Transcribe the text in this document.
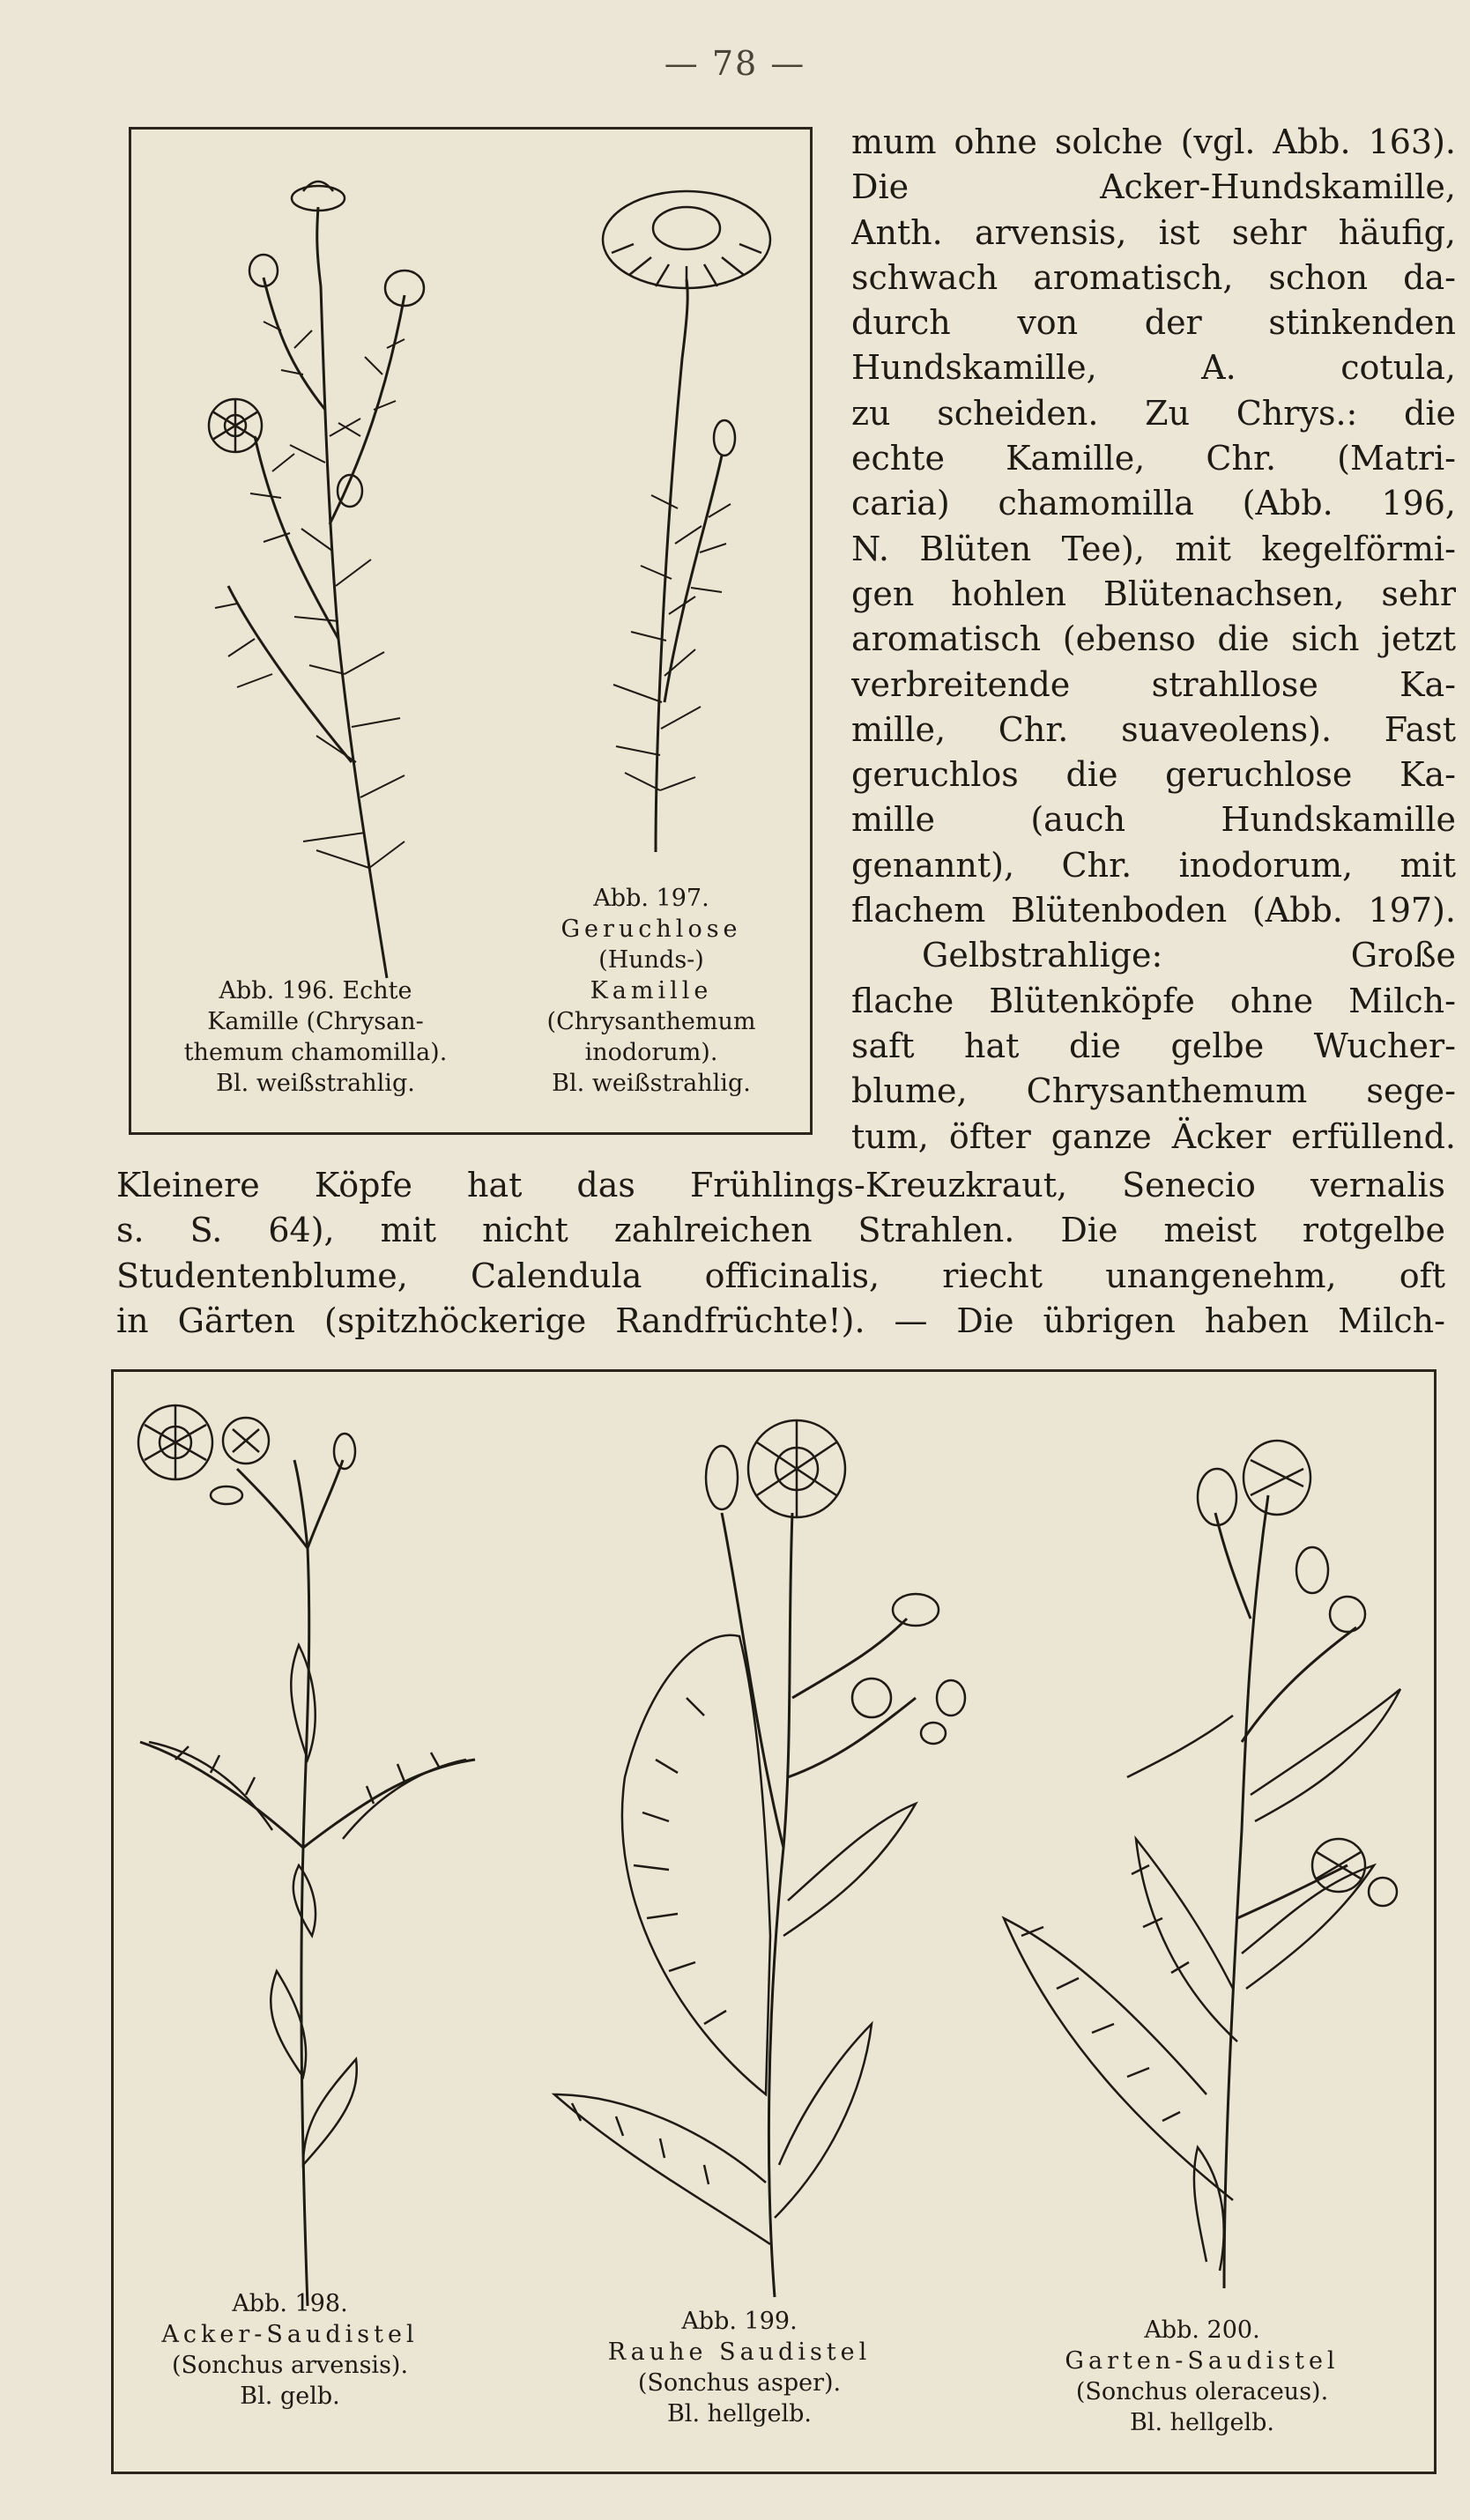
— 78 —
Abb. 196. Echte
Kamille (Chrysan-
themum chamomilla).
Bl. weißstrahlig.
Abb. 197.
Geruchlose
(Hunds-)
Kamille
(Chrysanthemum
inodorum).
Bl. weißstrahlig.
mum ohne solche (vgl. Abb. 163).
Die Acker-Hundskamille,
Anth. arvensis, ist sehr häufig,
schwach aromatisch, schon da-
durch von der stinkenden
Hundskamille, A. cotula,
zu scheiden. Zu Chrys.: die
echte Kamille, Chr. (Matri-
caria) chamomilla (Abb. 196,
N. Blüten Tee), mit kegelförmi-
gen hohlen Blütenachsen, sehr
aromatisch (ebenso die sich jetzt
verbreitende strahllose Ka-
mille, Chr. suaveolens). Fast
geruchlos die geruchlose Ka-
mille (auch Hundskamille
genannt), Chr. inodorum, mit
flachem Blütenboden (Abb. 197).
Gelbstrahlige: Große
flache Blütenköpfe ohne Milch-
saft hat die gelbe Wucher-
blume, Chrysanthemum sege-
tum, öfter ganze Äcker erfüllend.
Kleinere Köpfe hat das Frühlings-Kreuzkraut, Senecio vernalis
s. S. 64), mit nicht zahlreichen Strahlen. Die meist rotgelbe
Studentenblume, Calendula officinalis, riecht unangenehm, oft
in Gärten (spitzhöckerige Randfrüchte!). — Die übrigen haben Milch-
Abb. 198.
Acker-Saudistel
(Sonchus arvensis).
Bl. gelb.
Abb. 199.
Rauhe Saudistel
(Sonchus asper).
Bl. hellgelb.
Abb. 200.
Garten-Saudistel
(Sonchus oleraceus).
Bl. hellgelb.
